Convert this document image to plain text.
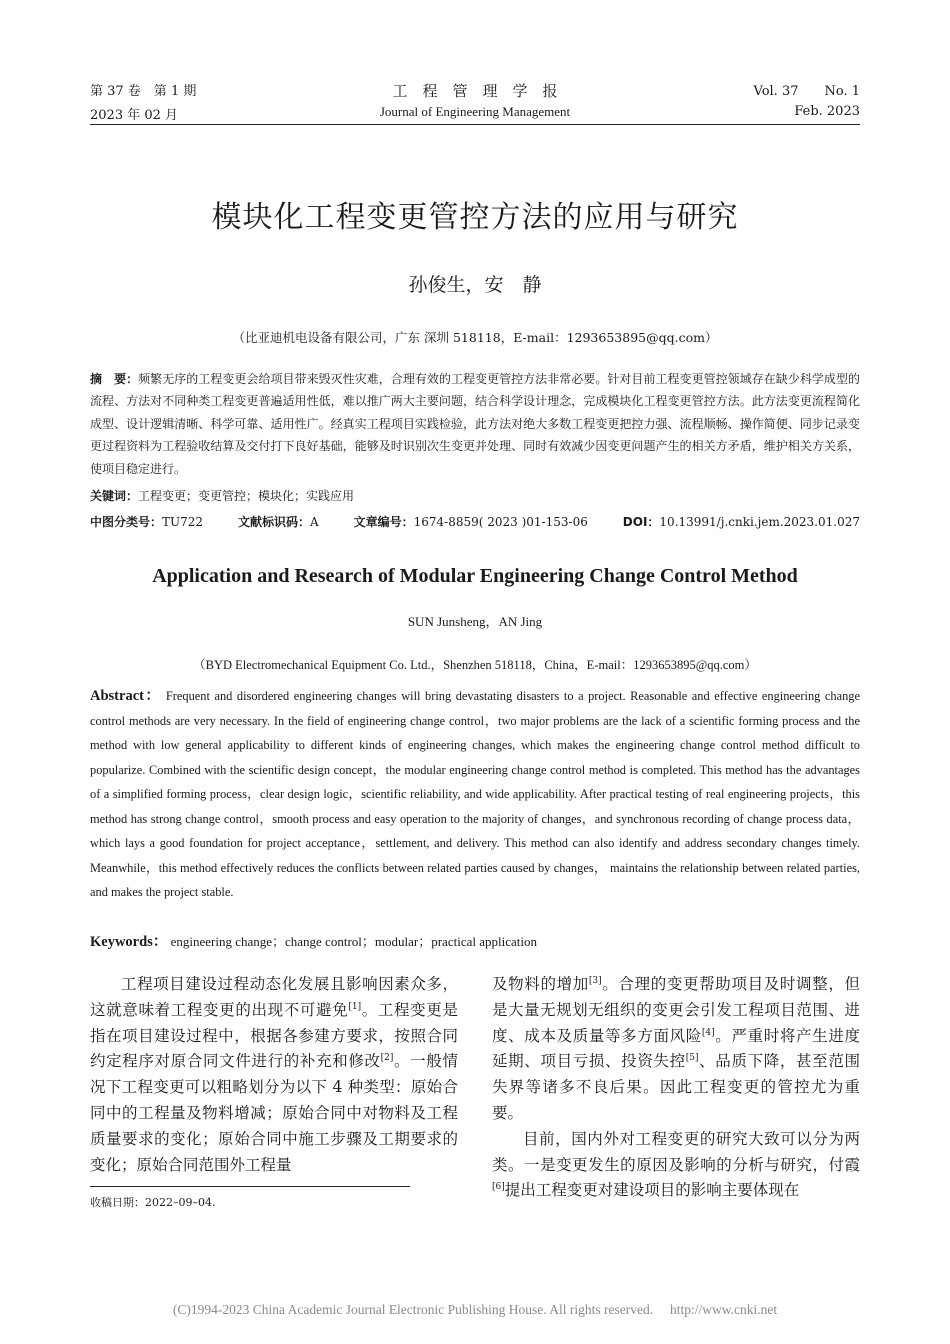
第 37 卷　第 1 期	Vol. 37　　No. 1
工　程　管　理　学　报
2023 年 02 月	Feb. 2023
Journal of Engineering Management
模块化工程变更管控方法的应用与研究
孙俊生，安　静
（比亚迪机电设备有限公司，广东 深圳 518118，E-mail：1293653895@qq.com）
摘　要：频繁无序的工程变更会给项目带来毁灭性灾难，合理有效的工程变更管控方法非常必要。针对目前工程变更管控领域存在缺少科学成型的流程、方法对不同种类工程变更普遍适用性低，难以推广两大主要问题，结合科学设计理念，完成模块化工程变更管控方法。此方法变更流程简化成型、设计逻辑清晰、科学可靠、适用性广。经真实工程项目实践检验，此方法对绝大多数工程变更把控力强、流程顺畅、操作简便、同步记录变更过程资料为工程验收结算及交付打下良好基础，能够及时识别次生变更并处理、同时有效减少因变更问题产生的相关方矛盾，维护相关方关系，使项目稳定进行。
关键词：工程变更；变更管控；模块化；实践应用
中图分类号：TU722	文献标识码：A	文章编号：1674-8859( 2023 )01-153-06	DOI：10.13991/j.cnki.jem.2023.01.027
Application and Research of Modular Engineering Change Control Method
SUN Junsheng，AN Jing
（BYD Electromechanical Equipment Co. Ltd.，Shenzhen 518118，China，E-mail：1293653895@qq.com）
Abstract： Frequent and disordered engineering changes will bring devastating disasters to a project. Reasonable and effective engineering change control methods are very necessary. In the field of engineering change control，two major problems are the lack of a scientific forming process and the method with low general applicability to different kinds of engineering changes, which makes the engineering change control method difficult to popularize. Combined with the scientific design concept，the modular engineering change control method is completed. This method has the advantages of a simplified forming process，clear design logic，scientific reliability, and wide applicability. After practical testing of real engineering projects，this method has strong change control，smooth process and easy operation to the majority of changes，and synchronous recording of change process data，which lays a good foundation for project acceptance，settlement, and delivery. This method can also identify and address secondary changes timely. Meanwhile，this method effectively reduces the conflicts between related parties caused by changes， maintains the relationship between related parties, and makes the project stable.
Keywords： engineering change；change control；modular；practical application

工程项目建设过程动态化发展且影响因素众多，这就意味着工程变更的出现不可避免[1]。工程变更是指在项目建设过程中，根据各参建方要求，按照合同约定程序对原合同文件进行的补充和修改[2]。一般情况下工程变更可以粗略划分为以下 4 种类型：原始合同中的工程量及物料增减；原始合同中对物料及工程质量要求的变化；原始合同中施工步骤及工期要求的变化；原始合同范围外工程量

及物料的增加[3]。合理的变更帮助项目及时调整，但是大量无规划无组织的变更会引发工程项目范围、进度、成本及质量等多方面风险[4]。严重时将产生进度延期、项目亏损、投资失控[5]、品质下降，甚至范围失界等诸多不良后果。因此工程变更的管控尤为重要。

目前，国内外对工程变更的研究大致可以分为两类。一是变更发生的原因及影响的分析与研究，付霞[6]提出工程变更对建设项目的影响主要体现在

收稿日期：2022–09–04.
(C)1994-2023 China Academic Journal Electronic Publishing House. All rights reserved.　 http://www.cnki.net
